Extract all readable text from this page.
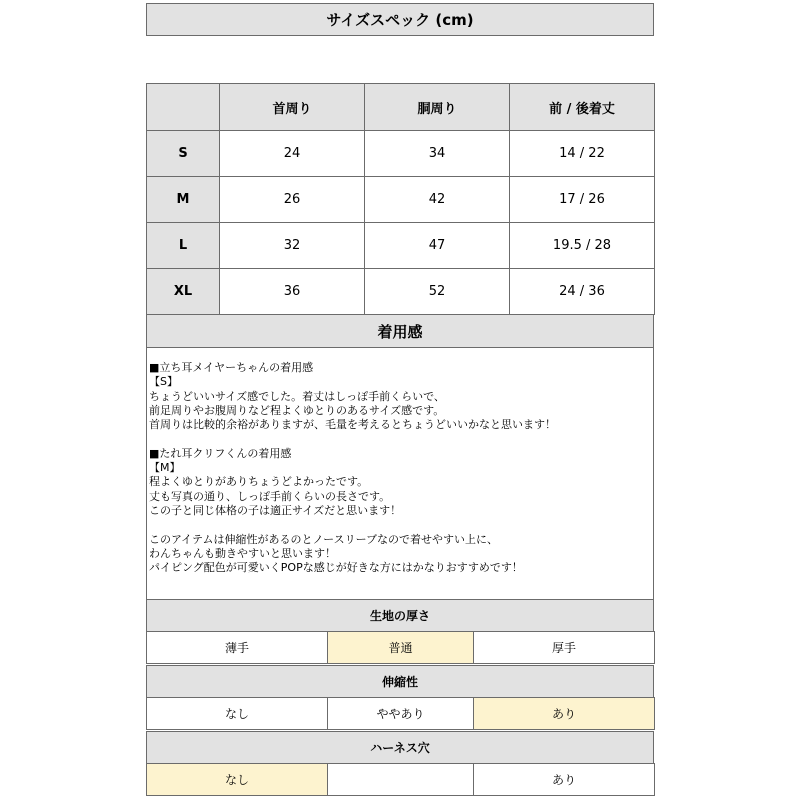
サイズスペック (cm)
	首周り	胴周り	前 / 後着丈
S	24	34	14 / 22
M	26	42	17 / 26
L	32	47	19.5 / 28
XL	36	52	24 / 36
着用感
■立ち耳メイヤーちゃんの着用感
【S】
ちょうどいいサイズ感でした。着丈はしっぽ手前くらいで、
前足周りやお腹周りなど程よくゆとりのあるサイズ感です。
首周りは比較的余裕がありますが、毛量を考えるとちょうどいいかなと思います！
■たれ耳クリフくんの着用感
【M】
程よくゆとりがありちょうどよかったです。
丈も写真の通り、しっぽ手前くらいの長さです。
この子と同じ体格の子は適正サイズだと思います！
このアイテムは伸縮性があるのとノースリーブなので着せやすい上に、
わんちゃんも動きやすいと思います！
パイピング配色が可愛いくPOPな感じが好きな方にはかなりおすすめです！
生地の厚さ
薄手	普通	厚手
伸縮性
なし	ややあり	あり
ハーネス穴
なし		あり
